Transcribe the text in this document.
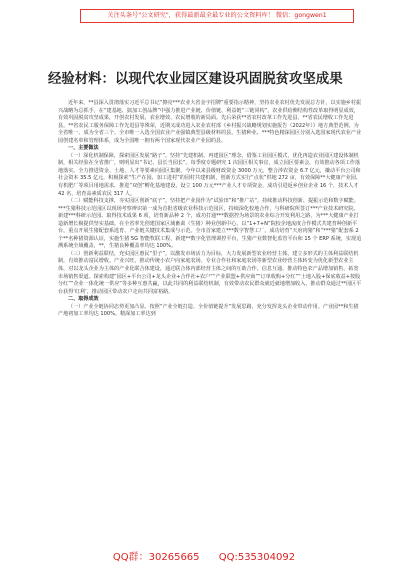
关注头条号"公文研究"，获得最新最全最专业的公文资料库！ 微信：gongwen1
经验材料：以现代农业园区建设巩固脱贫攻坚成果

近年来，**县深入贯彻落实习近平总书记“擦亮***农业大省金字招牌”重要指示精神，坚持农业农村优先发展总方针，以实施乡村振兴战略为总抓手，在“建基地、搞加工创品牌”中强力推进产业链、价值链、利益链“三链同构”，农业供给侧结构性改革取得明显成效，有效巩固脱贫攻坚成果，开创农村发展、农业增效、农民增收的新局面。先后荣获**省农村改革工作先进县、**省农民增收工作先进县。**省农民工服务保障工作先进县等殊荣，近期又成功进入农业农村部《乡村振兴战略规划实施报告（2022年）》地方典型范例。为全省唯一、成为全省三个。全市唯一入选全国农业产业强镇典型县级材料的县，生猪种业、***特色精深园区分别入选国家现代农业产业园创建名单和管理体系，成为全国唯一拥有两个国家现代农业产业园的县。

一、主要做法

（一）深化机制保障，探索园区发展“路子”。坚持“先建机制、再建园区”理念，借鉴工业园区模式，优化再造农业园区建设体制机制，相关经验在全省推广，则明显出“书记、县长当园长”。每季度专题研究 1 次园区相关事宜，成立园区要素会，有效推动各项工作落地落实。全力推进资金、土地、人才等要素向园区集聚。今年以来县级财政资金 3000 万元，整合涉农资金 6.7 亿元，撬动平台公司和社会资本 35.5 亿元，积极探索“生产在园、加工进村”的园村共建机制，创新方式实行“点状”供地 272 亩，有效保障**大健康产业园、有机肥厂等项目用地需求，推进“双创”孵化基地建设，设立 100 万元***产业人才专项资金，成功引进返乡创业企业 16 个，技术人才 42 名，培育高素质农民 317 人。

（二）赋能科技支撑，夯实园区创新“底子”。坚持把产业园作为“试验田”和“推广站”，持续推动科技创新、提振示范和数字赋能。***生猪科技示范园区以现场考察辨识第一成为首批省级农业科技示范园区，持续深化校地合作，与科研院所签订***产业技术研究院、新建***科研示范园、取得技术成果 6 项，培育新品种 2 个，成功打通***数据控为场景的农业综合开发利用之路，为***大健康产业打造新增长极提供坚实基础。在全省率先创建国家区域畜禽（生猪）种业创新中心，以“1+7+N”院校企地流度合作模式共建育种创新平台，重点开展生猪配套系选育、产业链关键技术集成与示范。全市首家建立***数字智慧工厂，成功培育“天府肉猪”和“***猪”配套系 2 个**名种猪资源认证，实施生猪 5G 智能牧联工程，新建**数字化管理调控平台，生猪产业数智化监管平台和 15 个 ERP 系统，实现追溯系统全域覆盖，**，生猪良种覆盖率均达 100%。

（三）创新利益联结，充实园区惠民“里子”。以激发市场活力为目标，大力发展新型农业经营主体，建立多形式的主体利益联结机制，有效推动富民增收。产业兴旺，推动传统小农户向家庭农场、专业合作社和家庭农场等新型农业经营主体转变为优化新型农业主体，对以龙头企业为主体的产业化联合体建设，通过联合体内部经营主体之间的互助合作、信息互通、推动特色农产品增加销售，拓宽市场销售渠道。探索构建“园区+平台公司+龙头企业+合作社+农户”“产业联盟+供应商”“订单收购+分红”“土地入股+保底收益+按股分红”“企业一体化统一供应”等多种互惠共赢，以此共同的利益联结机制，有效带动农民群众就近就地增加收入，推动群众通过**园区平台获得‘红利’，推动园区带动农户走向共同富裕路。

二、取得成效

（一）产业全链协同态势更加凸显。按照“产业全链打造、全价值链提升”发展思路，充分发挥龙头企业带动作用。产业园**和生猪产地初加工率均达 100%。精深加工率达到

QQ群：30265665 QQ:535304092
